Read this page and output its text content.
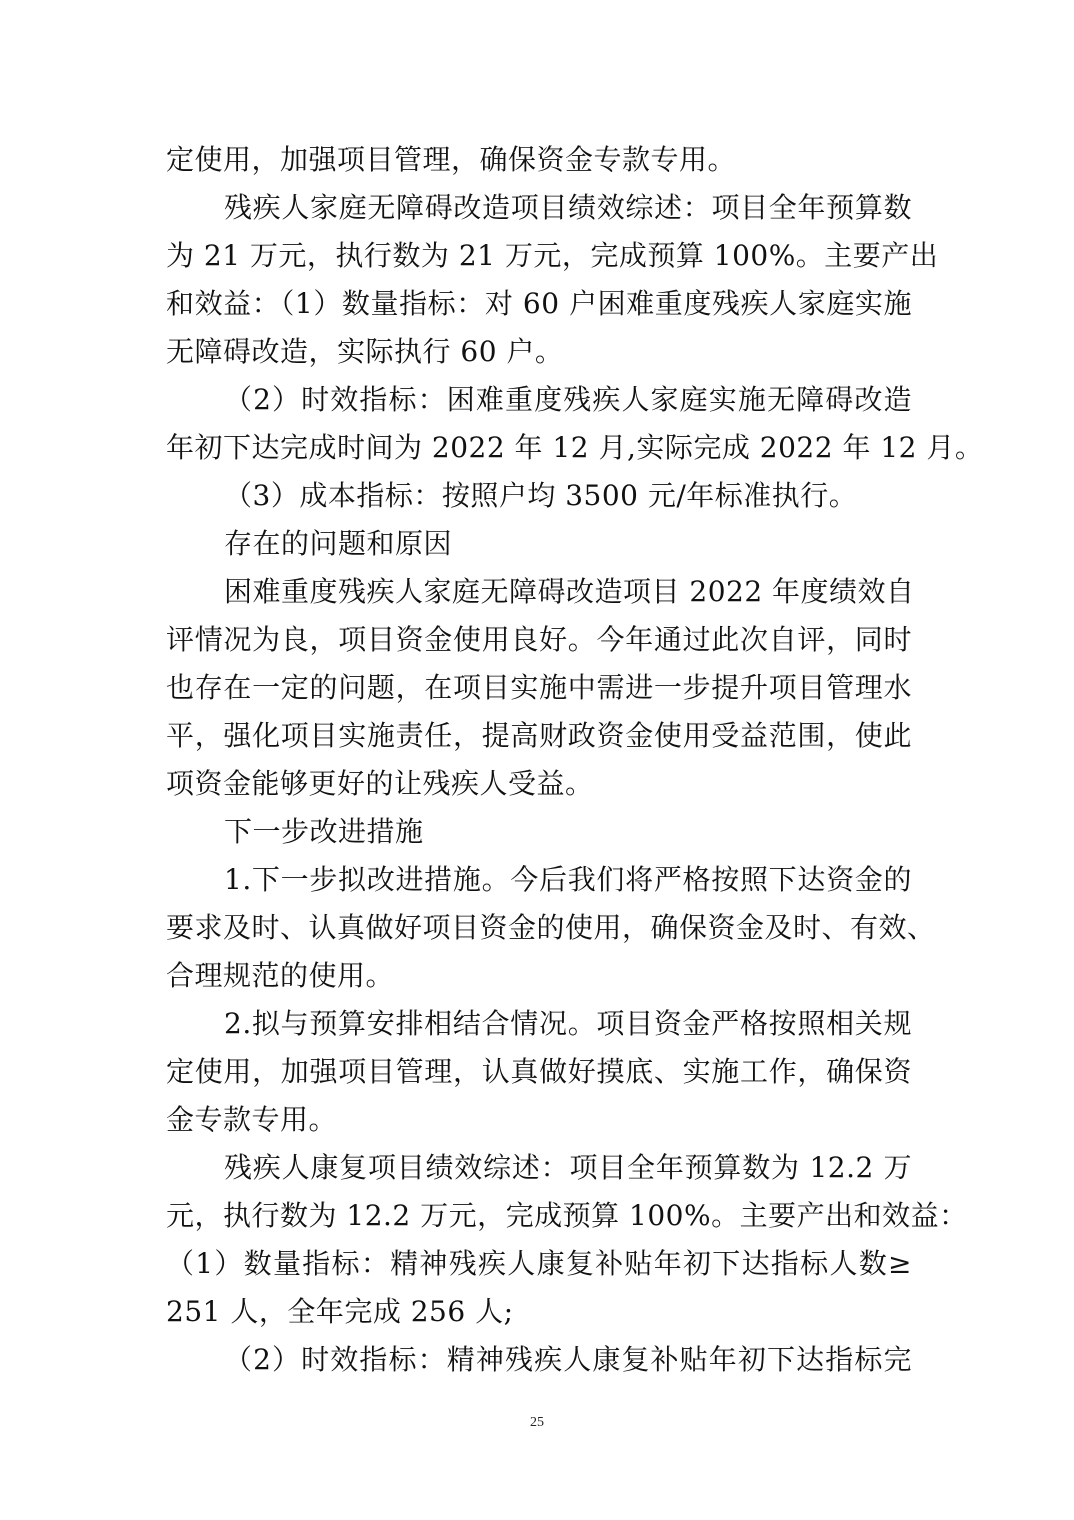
定使用，加强项目管理，确保资金专款专用。
残疾人家庭无障碍改造项目绩效综述：项目全年预算数
为 21 万元，执行数为 21 万元，完成预算 100%。主要产出
和效益：（1）数量指标：对 60 户困难重度残疾人家庭实施
无障碍改造，实际执行 60 户。
（2）时效指标：困难重度残疾人家庭实施无障碍改造
年初下达完成时间为 2022 年 12 月,实际完成 2022 年 12 月。
（3）成本指标：按照户均 3500 元/年标准执行。
存在的问题和原因
困难重度残疾人家庭无障碍改造项目 2022 年度绩效自
评情况为良，项目资金使用良好。今年通过此次自评，同时
也存在一定的问题，在项目实施中需进一步提升项目管理水
平，强化项目实施责任，提高财政资金使用受益范围，使此
项资金能够更好的让残疾人受益。
下一步改进措施
1.下一步拟改进措施。今后我们将严格按照下达资金的
要求及时、认真做好项目资金的使用，确保资金及时、有效、
合理规范的使用。
2.拟与预算安排相结合情况。项目资金严格按照相关规
定使用，加强项目管理，认真做好摸底、实施工作，确保资
金专款专用。
残疾人康复项目绩效综述：项目全年预算数为 12.2 万
元，执行数为 12.2 万元，完成预算 100%。主要产出和效益：
（1）数量指标：精神残疾人康复补贴年初下达指标人数≥
251 人，全年完成 256 人;
（2）时效指标：精神残疾人康复补贴年初下达指标完
25
